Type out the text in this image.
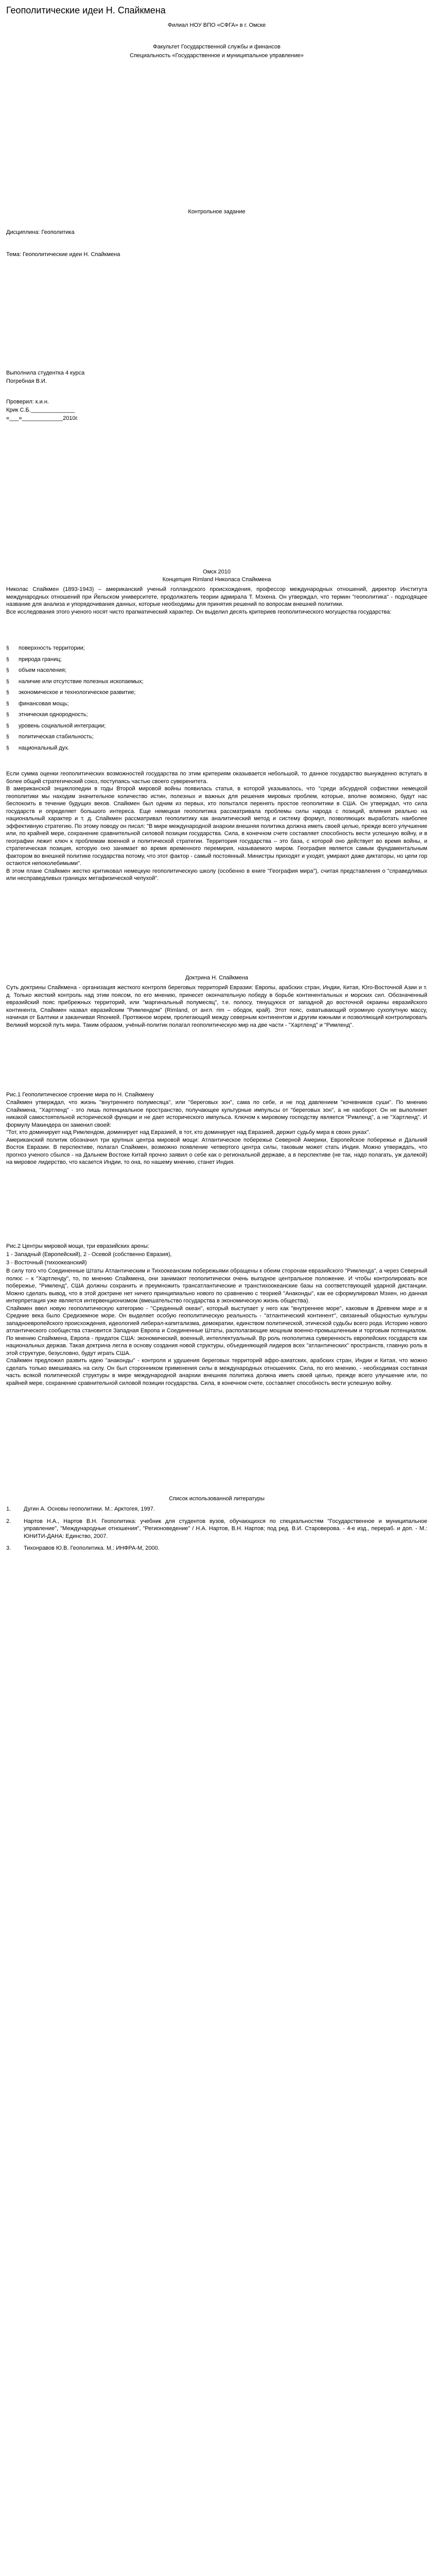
Геополитические идеи Н. Спайкмена
Филиал НОУ ВПО «СФГА» в г. Омске
Факультет Государственной службы и финансов
Специальность «Государственное и муниципальное управление»
Контрольное задание
Дисциплина: Геополитика
Тема: Геополитические идеи Н. Спайкмена
Выполнила студентка 4 курса
Погребная В.И.
Проверил: к.и.н.
Крик С.Б.______________
«___»_____________2010г.
Омск 2010
Концепция Rimland Николаса Спайкмена

Николас Спайкмен (1893-1943) – американский ученый голландского происхождения, профессор международных отношений, директор Института международных отношений при Йельском университете, продолжатель теории адмирала Т. Мэхена. Он утверждал, что термин "геополитика" - подходящее название для анализа и упорядочивания данных, которые необходимы для принятия решений по вопросам внешней политики.

Все исследования этого ученого носят чисто прагматический характер. Он выделил десять критериев геополитического могущества государства:

§	поверхность территории;
§	природа границ;
§	объем населения;
§	наличие или отсутствие полезных ископаемых;
§	экономическое и технологическое развитие;
§	финансовая мощь;
§	этническая однородность;
§	уровень социальной интеграции;
§	политическая стабильность;
§	национальный дух.

Если сумма оценки геополитических возможностей государства по этим критериям оказывается небольшой, то данное государство вынужденно вступать в более общий стратегический союз, поступаясь частью своего суверенитета.

В американской энциклопедии в годы Второй мировой войны появилась статья, в которой указывалось, что "среди абсурдной софистики немецкой геополитики мы находим значительное количество истин, полезных и важных для решения мировых проблем, которые, вполне возможно, будут нас беспокоить в течение будущих веков. Спайкмен был одним из первых, кто попытался перенять простое геополитики в США. Он утверждал, что сила государств и определяет большого интереса. Еще немецкая геополитика рассматривала проблемы силы народа с позиций, влияния реально на национальный характер и т. д. Спайкмен рассматривал геополитику как аналитический метод и систему формул, позволяющих выработать наиболее эффективную стратегию. По этому поводу он писал: "В мире международной анархии внешняя политика должна иметь своей целью, прежде всего улучшение или, по крайней мере, сохранение сравнительной силовой позиции государства. Сила, в конечном счете составляет способность вести успешную войну, и в географии лежит ключ к проблемам военной и политической стратегии. Территория государства – это база, с которой оно действует во время войны, и стратегическая позиция, которую оно занимает во время временного перемирия, называемого миром. География является самым фундаментальным фактором во внешней политике государства потому, что этот фактор - самый постоянный. Министры приходят и уходят, умирают даже диктаторы, но цепи гор остаются непоколебимыми".

В этом плане Спайкмен жестко критиковал немецкую геополитическую школу (особенно в книге "География мира"), считая представления о "справедливых или несправедливых границах метафизической чепухой".

Доктрина Н. Спайкмена
Суть доктрины Спайкмена - организация жесткого контроля береговых территорий Евразии: Европы, арабских стран, Индии, Китая, Юго-Восточной Азии и т. д. Только жесткий контроль над этим поясом, по его мнению, принесет окончательную победу в борьбе континентальных и морских сил. Обозначенный евразийский пояс прибрежных территорий, или "маргинальный полумесяц", т.е. полосу, тянущуюся от западной до восточной окраины евразийского континента, Спайкмен назвал евразийским "Римлендом" (Rimland, от англ. rim – ободок, край). Этот пояс, охватывающий огромную сухопутную массу, начиная от Балтики и заканчивая Японией. Протяжное морем, пролегающий между северным континентом и другим южными и позволяющий контролировать Великий морской путь мира. Таким образом, учёный-политик полагал геополитическую мир на две части - "Хартленд" и "Римленд".
Рис.1 Геополитическое строение мира по Н. Спайкмену

Спайкмен утверждал, что жизнь "внутреннего полумесяца", или "береговых зон", сама по себе, и не под давлением "кочевников суши". По мнению Спайкмена, "Хартленд" - это лишь потенциальное пространство, получающее культурные импульсы от "береговых зон", а не наоборот. Он не выполняет никакой самостоятельной исторической функции и не дает исторического импульса. Ключом к мировому господству является "Римленд", а не "Хартленд". И формулу Макиндера он заменил своей:

"Тот, кто доминирует над Римлендом, доминирует над Евразией, в тот, кто доминирует над Евразией, держит судьбу мира в своих руках".

Американский политик обозначил три крупных центра мировой мощи: Атлантическое побережье Северной Америки, Европейское побережье и Дальний Восток Евразии. В перспективе, полагал Спайкмен, возможно появление четвертого центра силы, таковым может стать Индия. Можно утверждать, что прогноз ученого сбылся - на Дальнем Востоке Китай прочно заявил о себе как о региональной державе, а в перспективе (не так, надо полагать, уж далекой) на мировое лидерство, что касается Индии, то она, по нашему мнению, станет Индия.

Рис.2 Центры мировой мощи, три евразийских арены:
1 - Западный (Европейский), 2 - Осевой (собственно Евразия),
3 - Восточный (тихоокеанский)

В силу того что Соединенные Штаты Атлантическим и Тихоокеанским побережьями обращены к обеим сторонам евразийского "Римленда", а через Северный полюс – к "Хартленду", то, по мнению Спайкмена, они занимают геополитически очень выгодное центральное положение. И чтобы контролировать все побережье, "Римленд", США должны сохранить и преумножить трансатлантические и транстихоокеанские базы на соответствующей ударной дистанции. Можно сделать вывод, что в этой доктрине нет ничего принципиально нового по сравнению с теорией "Анаконды", как ее сформулировал Мэхен, но данная интерпретация уже является интервенционизмом (вмешательство государства в экономическую жизнь общества).

Спайкмен ввел новую геополитическую категорию - "Срединный океан", который выступает у него как "внутреннее море", каковым в Древнем мире и в Средние века было Средиземное море. Он выделяет особую геополитическую реальность - "атлантический континент", связанный общностью культуры западноевропейского происхождения, идеологией либерал-капитализма, демократии, единством политической, этической судьбы всего рода. Историю нового атлантического сообщества становится Западная Европа и Соединенные Штаты, располагающие мощным военно-промышленным и торговым потенциалом. По мнению Спайкмена, Европа - придаток США: экономический, военный, интеллектуальный. Вр роль геополитика суверенность европейских государств как национальных держав. Такая доктрина легла в основу создания новой структуры, объединяющей лидеров всех "атлантических" пространств, главную роль в этой структуре, безусловно, будут играть США.

Спайкмен предложил развить идею "анаконды" - контроля и удушения береговых территорий афро-азиатских, арабских стран, Индии и Китая, что можно сделать только вмешиваясь на силу. Он был сторонником применения силы в международных отношениях. Сила, по его мнению, - необходимая составная часть всякой политической структуры в мире международной анархии внешняя политика должна иметь своей целью, прежде всего улучшение или, по крайней мере, сохранение сравнительной силовой позиции государства. Сила, в конечном счете, составляет способность вести успешную войну.

Список использованной литературы

1.	Дугин А. Основы геополитики. М.: Арктогея, 1997.

2.	Нартов Н.А., Нартов В.Н. Геополитика: учебник для студентов вузов, обучающихся по специальностям "Государственное и муниципальное управление", "Международные отношения", "Регионоведение" / Н.А. Нартов, В.Н. Нартов; под ред. В.И. Староверова. - 4-е изд., перераб. и доп. - М.: ЮНИТИ-ДАНА: Единство, 2007.

3.	Тихонравов Ю.В. Геополитика. М.: ИНФРА-М, 2000.
